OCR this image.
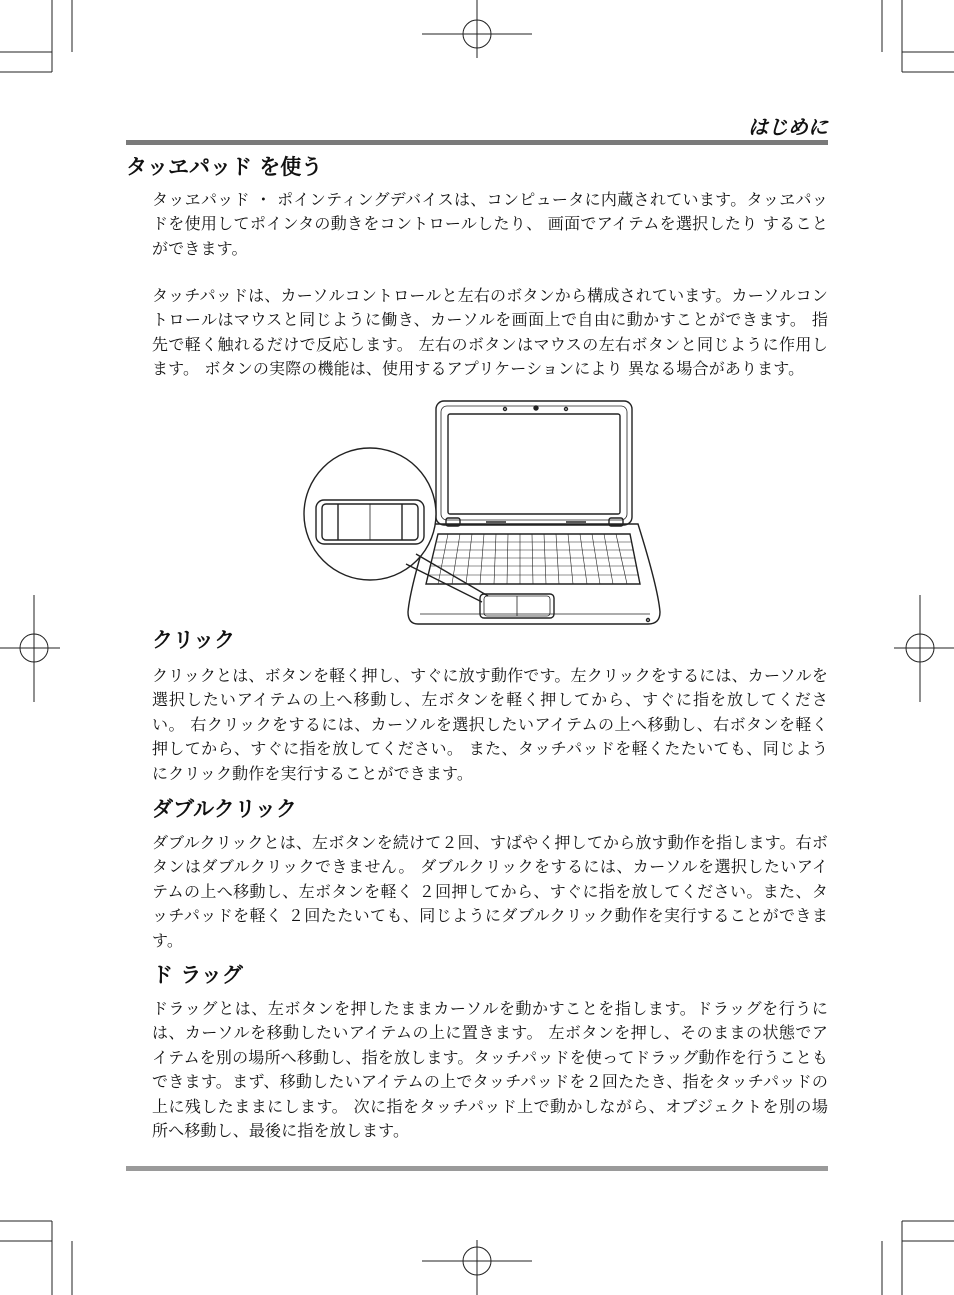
はじめに
タッヱパッド を使う

タッヱパッド ・ ポインティングデバイスは、コンピュータに内蔵されています。タッヱパッドを使用してポインタの動きをコントロールしたり、 画面でアイテムを選択したり することができます。

タッチパッドは、カーソルコントロールと左右のボタンから構成されています。カーソルコントロールはマウスと同じように働き、カーソルを画面上で自由に動かすことができます。 指先で軽く触れるだけで反応します。 左右のボタンはマウスの左右ボタンと同じように作用します。 ボタンの実際の機能は、使用するアプリケーションにより 異なる場合があります。

クリック

クリックとは、ボタンを軽く押し、すぐに放す動作です。左クリックをするには、カーソルを選択したいアイテムの上へ移動し、左ボタンを軽く押してから、すぐに指を放してください。 右クリックをするには、カーソルを選択したいアイテムの上へ移動し、右ボタンを軽く押してから、すぐに指を放してください。 また、タッチパッドを軽くたたいても、同じようにクリック動作を実行することができます。

ダブルクリック

ダブルクリックとは、左ボタンを続けて２回、すばやく押してから放す動作を指します。右ボタンはダブルクリックできません。 ダブルクリックをするには、カーソルを選択したいアイテムの上へ移動し、左ボタンを軽く ２回押してから、すぐに指を放してください。また、タッチパッドを軽く ２回たたいても、同じようにダブルクリック動作を実行することができます。

ド ラッグ

ドラッグとは、左ボタンを押したままカーソルを動かすことを指します。ドラッグを行うには、カーソルを移動したいアイテムの上に置きます。 左ボタンを押し、そのままの状態でアイテムを別の場所へ移動し、指を放します。タッチパッドを使ってドラッグ動作を行うこともできます。まず、移動したいアイテムの上でタッチパッドを２回たたき、指をタッチパッドの上に残したままにします。 次に指をタッチパッド上で動かしながら、オブジェクトを別の場所へ移動し、最後に指を放します。
